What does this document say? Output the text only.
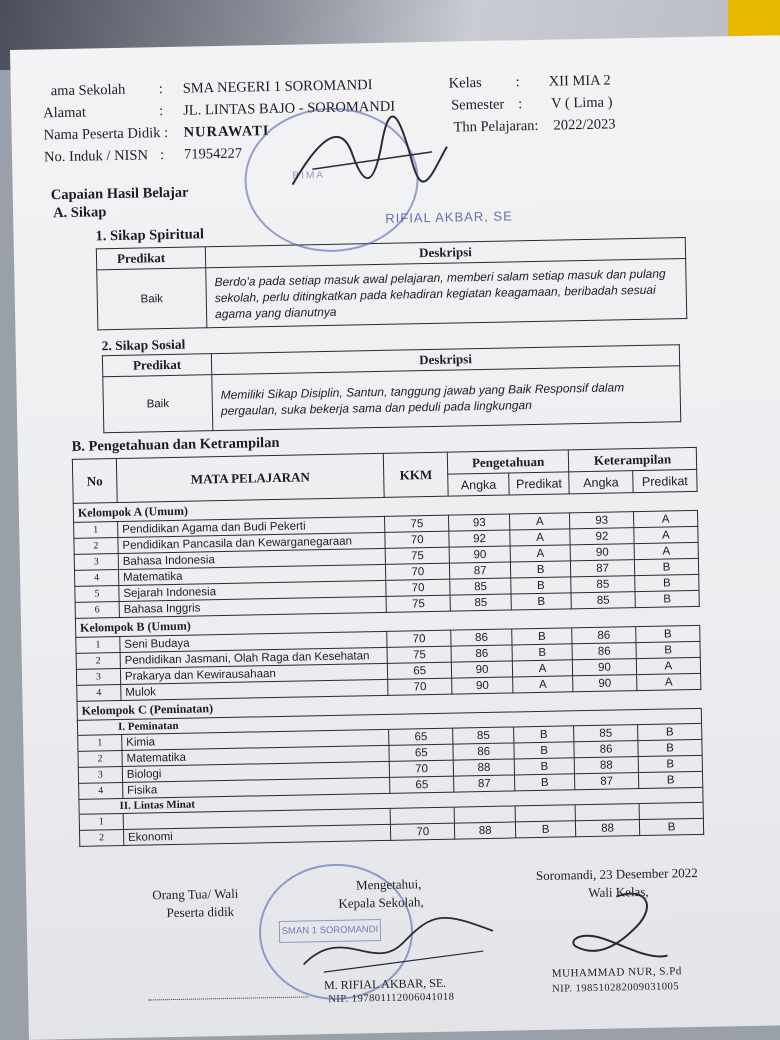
ama Sekolah : SMA NEGERI 1 SOROMANDI
Alamat	: JL. LINTAS BAJO - SOROMANDI
Nama Peserta Didik : NURAWATI
No. Induk / NISN : 71954227
Kelas : XII MIA 2
Semester : V ( Lima )
Thn Pelajaran: 2022/2023
Capaian Hasil Belajar
A. Sikap
1. Sikap Spiritual
Predikat	Deskripsi
Baik	Berdo'a pada setiap masuk awal pelajaran, memberi salam setiap masuk dan pulang sekolah, perlu ditingkatkan pada kehadiran kegiatan keagamaan, beribadah sesuai agama yang dianutnya
2. Sikap Sosial
Predikat	Deskripsi
Baik	Memiliki Sikap Disiplin, Santun, tanggung jawab yang Baik Responsif dalam pergaulan, suka bekerja sama dan peduli pada lingkungan
B. Pengetahuan dan Ketrampilan
No	MATA PELAJARAN	KKM	Pengetahuan		Keterampilan	
			Angka	Predikat	Angka	Predikat
Kelompok A (Umum)						
1	Pendidikan Agama dan Budi Pekerti	75	93	A	93	A
2	Pendidikan Pancasila dan Kewarganegaraan	70	92	A	92	A
3	Bahasa Indonesia	75	90	A	90	A
4	Matematika	70	87	B	87	B
5	Sejarah Indonesia	70	85	B	85	B
6	Bahasa Inggris	75	85	B	85	B
Kelompok B (Umum)						
1	Seni Budaya	70	86	B	86	B
2	Pendidikan Jasmani, Olah Raga dan Kesehatan	75	86	B	86	B
3	Prakarya dan Kewirausahaan	65	90	A	90	A
4	Mulok	70	90	A	90	A
Kelompok C (Peminatan)						
I. Peminatan						
1	Kimia	65	85	B	85	B
2	Matematika	65	86	B	86	B
3	Biologi	70	88	B	88	B
4	Fisika	65	87	B	87	B
II. Lintas Minat						
1						
2	Ekonomi	70	88	B	88	B
Orang Tua/ Wali
Peserta didik
Mengetahui,
Kepala Sekolah,
M. RIFIAL AKBAR, SE.
NIP. 197801112006041018
Soromandi, 23 Desember 2022
Wali Kelas,
MUHAMMAD NUR, S.Pd
NIP. 198510282009031005
BIMA
RIFIAL AKBAR, SE
SMAN 1 SOROMANDI
